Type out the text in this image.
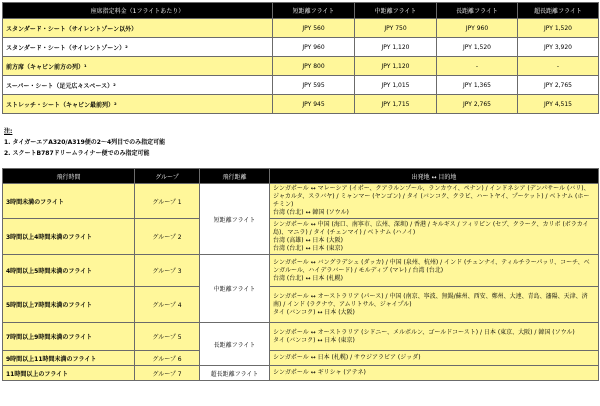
座席指定料金（1フライトあたり）	短距離フライト	中距離フライト	長距離フライト	超長距離フライト
スタンダード・シート（サイレントゾーン以外）	JPY 560	JPY 750	JPY 960	JPY 1,520
スタンダード・シート（サイレントゾーン）²	JPY 960	JPY 1,120	JPY 1,520	JPY 3,920
前方席（キャビン前方の列）¹	JPY 800	JPY 1,120	-	-
スーパー・シート（足元広々スペース）²	JPY 595	JPY 1,015	JPY 1,365	JPY 2,765
ストレッチ・シート（キャビン最前列）²	JPY 945	JPY 1,715	JPY 2,765	JPY 4,515
注:
1. タイガーエアA320/A319便の2～4列目でのみ指定可能
2. スクートB787ドリームライナー便でのみ指定可能
飛行時間	グループ	飛行距離	出発地 ↔ 目的地
3時間未満のフライト	グループ 1	短距離フライト	シンガポール ↔ マレーシア (イポー、クアラルンプール、ランカウイ、ペナン) / インドネシア (デンパサール (バリ)、ジャカルタ、スラバヤ) / ミャンマー (ヤンゴン) / タイ (バンコク、クラビ、ハートヤイ、プーケット) / ベトナム (ホーチミン)
台湾 (台北) ↔ 韓国 (ソウル)
3時間以上4時間未満のフライト	グループ 2		シンガポール ↔ 中国 (海口、南寧市、広州、深圳) / 香港 / キルギス / フィリピン (セブ、クラーク、カリボ (ボラカイ島)、マニラ) / タイ (チェンマイ) / ベトナム (ハノイ)
台湾 (高雄) ↔ 日本 (大阪)
台湾 (台北) ↔ 日本 (東京)
4時間以上5時間未満のフライト	グループ 3	中距離フライト	シンガポール ↔ バングラデシュ (ダッカ) / 中国 (泉州、杭州) / インド (チェンナイ、ティルチラーパッリ、コーチ、ベンガルール、ハイデラバード) / モルディブ (マレ) / 台湾 (台北)
台湾 (台北) ↔ 日本 (札幌)
5時間以上7時間未満のフライト	グループ 4		シンガポール ↔ オーストラリア (パース) / 中国 (南京、寧波、無錫/蘇州、西安、鄭州、大連、青島、瀋陽、天津、済南) / インド (ラクナウ、アムリトサル、ジャイプル)
タイ (バンコク) ↔ 日本 (大阪)
7時間以上9時間未満のフライト	グループ 5	長距離フライト	シンガポール ↔ オーストラリア (シドニー、メルボルン、ゴールドコースト) / 日本 (東京、大阪) / 韓国 (ソウル)
タイ (バンコク) ↔ 日本 (東京)
9時間以上11時間未満のフライト	グループ 6		シンガポール ↔ 日本 (札幌) / サウジアラビア (ジッダ)
11時間以上のフライト	グループ 7	超長距離フライト	シンガポール ↔ ギリシャ (アテネ)
